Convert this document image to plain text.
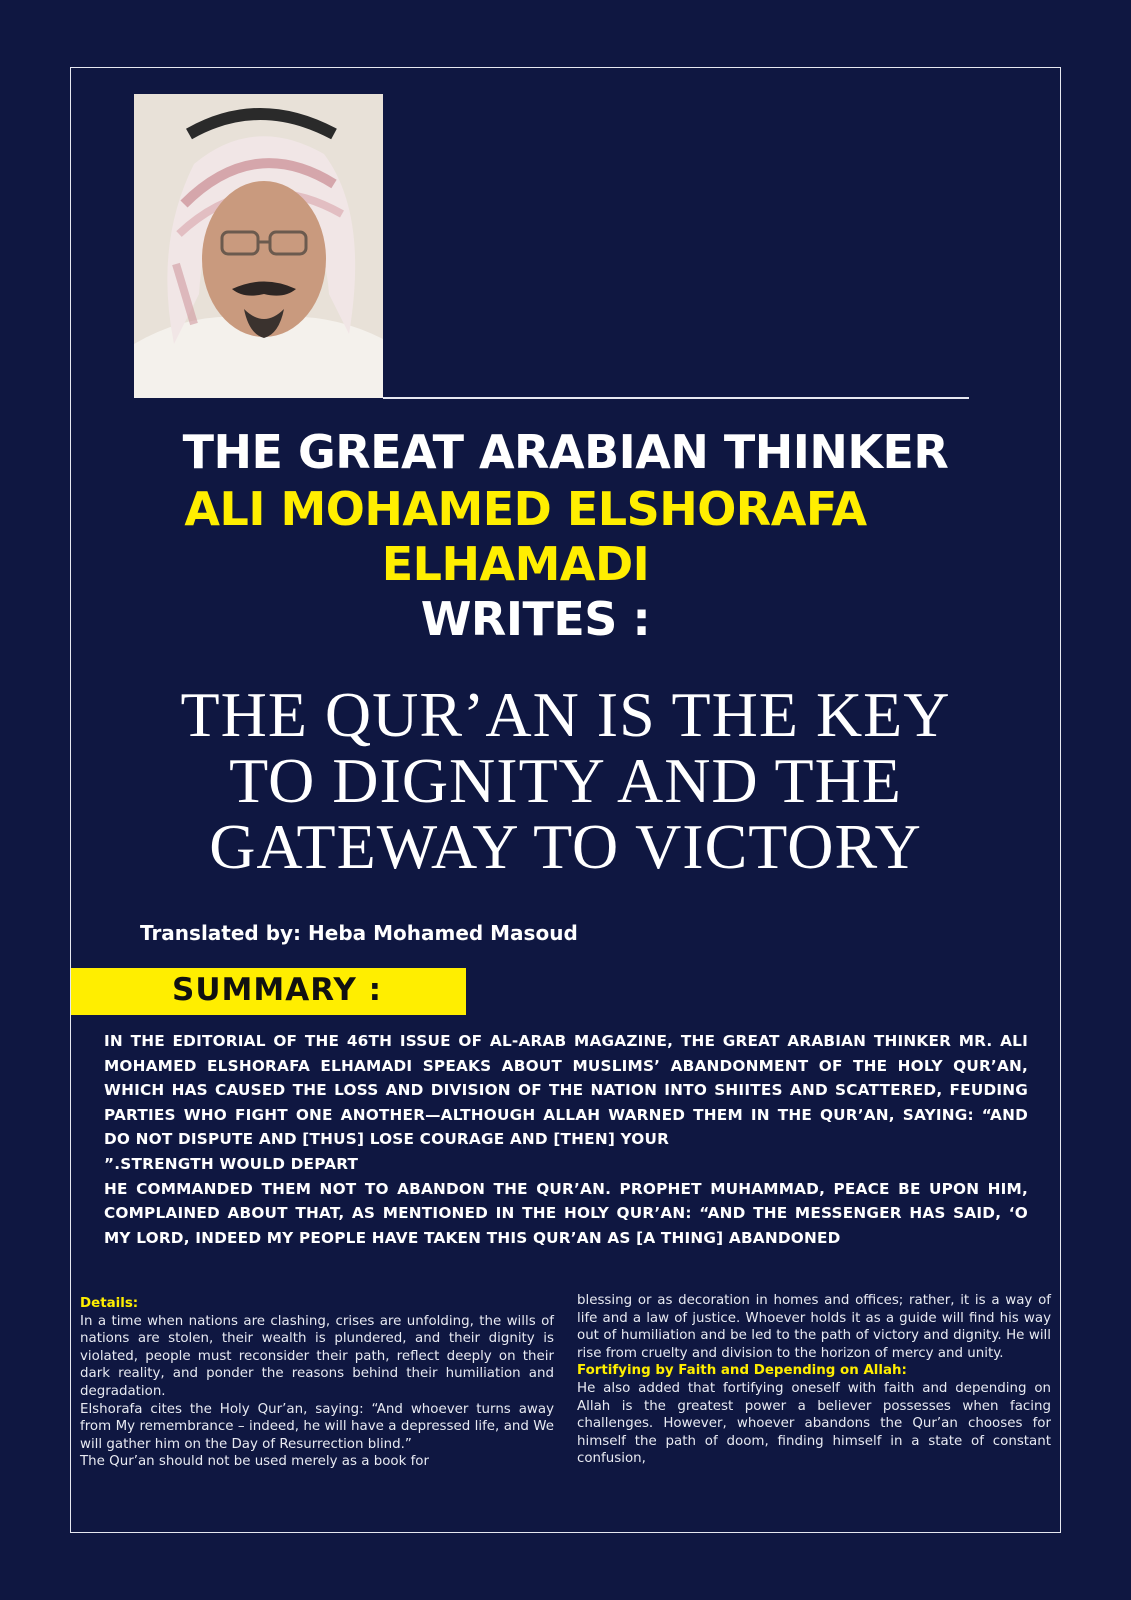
THE GREAT ARABIAN THINKER
ALI MOHAMED ELSHORAFA
ELHAMADI
WRITES :
THE QUR’AN IS THE KEY
TO DIGNITY AND THE
GATEWAY TO VICTORY
Translated by: Heba Mohamed Masoud
SUMMARY :

IN THE EDITORIAL OF THE 46TH ISSUE OF AL-ARAB MAGAZINE, THE GREAT ARABIAN THINKER MR. ALI MOHAMED ELSHORAFA ELHAMADI SPEAKS ABOUT MUSLIMS’ ABANDONMENT OF THE HOLY QUR’AN, WHICH HAS CAUSED THE LOSS AND DIVISION OF THE NATION INTO SHIITES AND SCATTERED, FEUDING PARTIES WHO FIGHT ONE ANOTHER—ALTHOUGH ALLAH WARNED THEM IN THE QUR’AN, SAYING: “AND DO NOT DISPUTE AND [THUS] LOSE COURAGE AND [THEN] YOUR

”.STRENGTH WOULD DEPART

HE COMMANDED THEM NOT TO ABANDON THE QUR’AN. PROPHET MUHAMMAD, PEACE BE UPON HIM, COMPLAINED ABOUT THAT, AS MENTIONED IN THE HOLY QUR’AN: “AND THE MESSENGER HAS SAID, ‘O MY LORD, INDEED MY PEOPLE HAVE TAKEN THIS QUR’AN AS [A THING] ABANDONED

Details:

In a time when nations are clashing, crises are unfolding, the wills of nations are stolen, their wealth is plundered, and their dignity is violated, people must reconsider their path, reflect deeply on their dark reality, and ponder the reasons behind their humiliation and degradation.

Elshorafa cites the Holy Qur’an, saying: “And whoever turns away from My remembrance – indeed, he will have a depressed life, and We will gather him on the Day of Resurrection blind.”

The Qur’an should not be used merely as a book for

blessing or as decoration in homes and offices; rather, it is a way of life and a law of justice. Whoever holds it as a guide will find his way out of humiliation and be led to the path of victory and dignity. He will rise from cruelty and division to the horizon of mercy and unity.

Fortifying by Faith and Depending on Allah:

He also added that fortifying oneself with faith and depending on Allah is the greatest power a believer possesses when facing challenges. However, whoever abandons the Qur’an chooses for himself the path of doom, finding himself in a state of constant confusion,
